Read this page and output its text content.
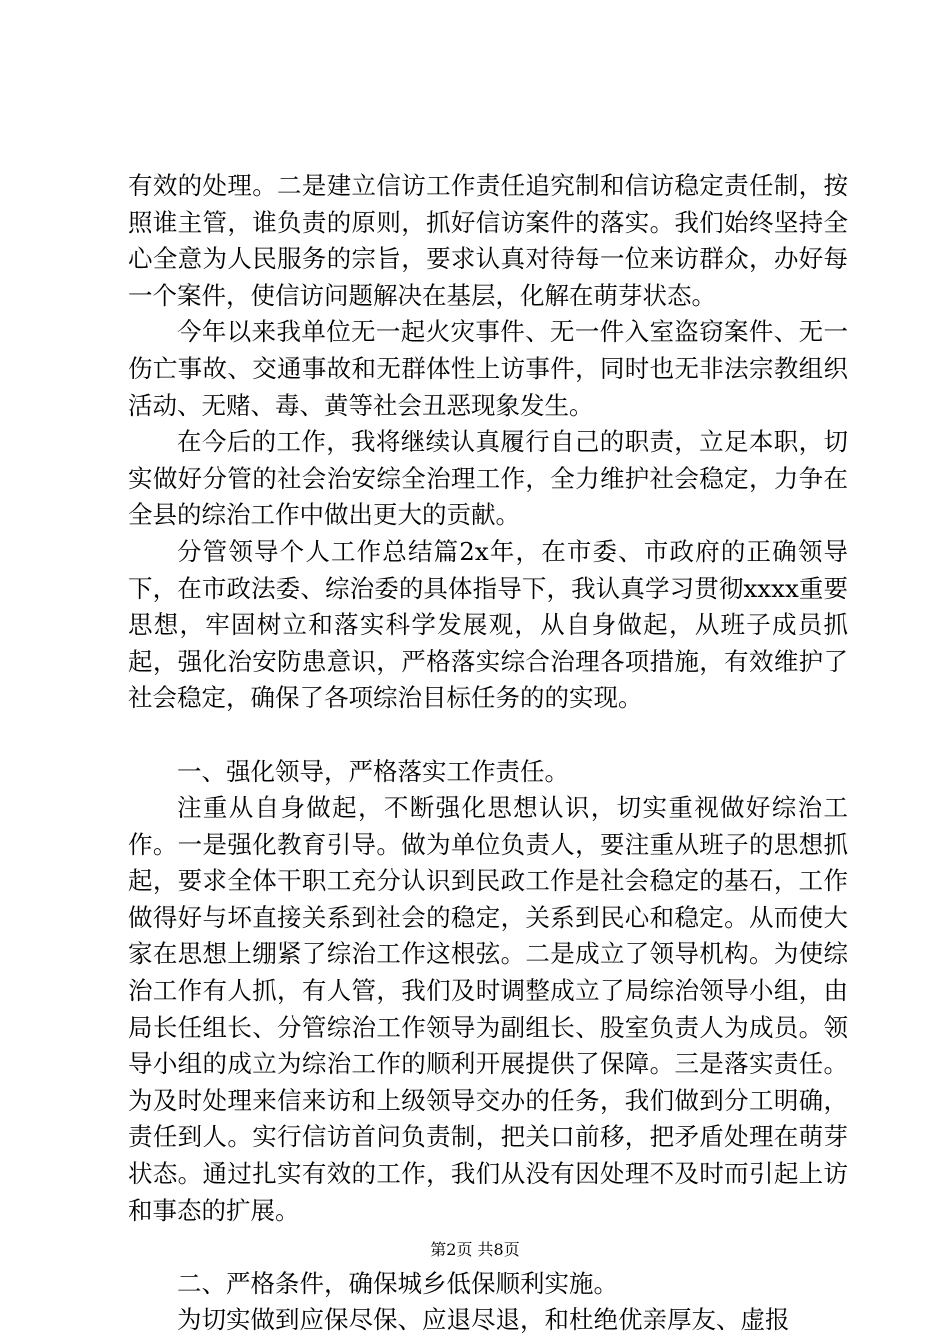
有效的处理。二是建立信访工作责任追究制和信访稳定责任制，按照谁主管，谁负责的原则，抓好信访案件的落实。我们始终坚持全心全意为人民服务的宗旨，要求认真对待每一位来访群众，办好每一个案件，使信访问题解决在基层，化解在萌芽状态。

今年以来我单位无一起火灾事件、无一件入室盗窃案件、无一伤亡事故、交通事故和无群体性上访事件，同时也无非法宗教组织活动、无赌、毒、黄等社会丑恶现象发生。

在今后的工作，我将继续认真履行自己的职责，立足本职，切实做好分管的社会治安综全治理工作，全力维护社会稳定，力争在全县的综治工作中做出更大的贡献。

分管领导个人工作总结篇2x年，在市委、市政府的正确领导下，在市政法委、综治委的具体指导下，我认真学习贯彻xxxx重要思想，牢固树立和落实科学发展观，从自身做起，从班子成员抓起，强化治安防患意识，严格落实综合治理各项措施，有效维护了社会稳定，确保了各项综治目标任务的的实现。

一、强化领导，严格落实工作责任。

注重从自身做起，不断强化思想认识，切实重视做好综治工作。一是强化教育引导。做为单位负责人，要注重从班子的思想抓起，要求全体干职工充分认识到民政工作是社会稳定的基石，工作做得好与坏直接关系到社会的稳定，关系到民心和稳定。从而使大家在思想上绷紧了综治工作这根弦。二是成立了领导机构。为使综治工作有人抓，有人管，我们及时调整成立了局综治领导小组，由局长任组长、分管综治工作领导为副组长、股室负责人为成员。领导小组的成立为综治工作的顺利开展提供了保障。三是落实责任。为及时处理来信来访和上级领导交办的任务，我们做到分工明确，责任到人。实行信访首问负责制，把关口前移，把矛盾处理在萌芽状态。通过扎实有效的工作，我们从没有因处理不及时而引起上访和事态的扩展。

二、严格条件，确保城乡低保顺利实施。

为切实做到应保尽保、应退尽退，和杜绝优亲厚友、虚报

第2页 共8页
